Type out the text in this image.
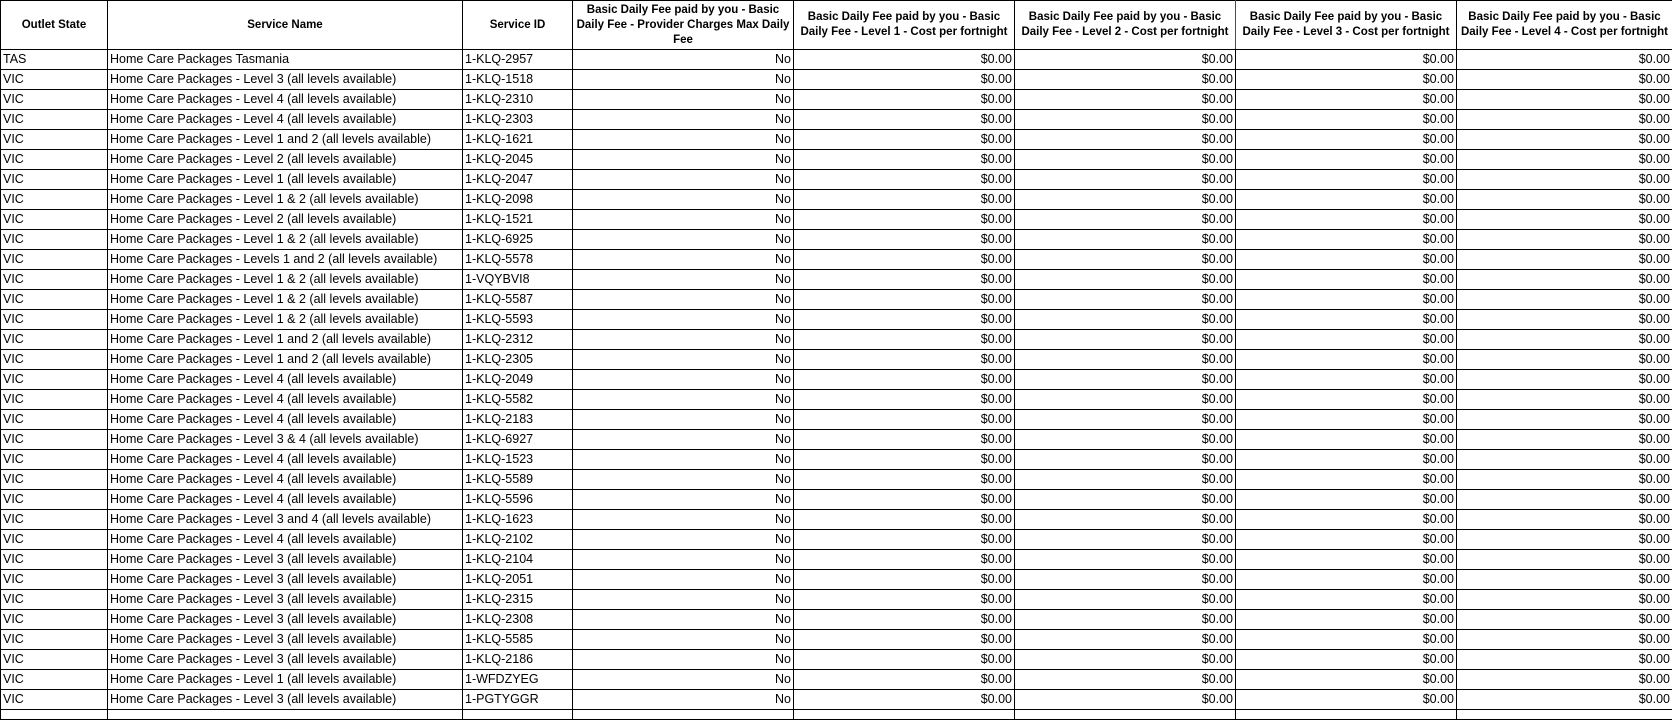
Outlet State	Service Name	Service ID	Basic Daily Fee paid by you - Basic Daily Fee - Provider Charges Max Daily Fee	Basic Daily Fee paid by you - Basic Daily Fee - Level 1 - Cost per fortnight	Basic Daily Fee paid by you - Basic Daily Fee - Level 2 - Cost per fortnight	Basic Daily Fee paid by you - Basic Daily Fee - Level 3 - Cost per fortnight	Basic Daily Fee paid by you - Basic Daily Fee - Level 4 - Cost per fortnight
TAS	Home Care Packages Tasmania	1-KLQ-2957	No	$0.00	$0.00	$0.00	$0.00
VIC	Home Care Packages - Level 3 (all levels available)	1-KLQ-1518	No	$0.00	$0.00	$0.00	$0.00
VIC	Home Care Packages - Level 4 (all levels available)	1-KLQ-2310	No	$0.00	$0.00	$0.00	$0.00
VIC	Home Care Packages - Level 4 (all levels available)	1-KLQ-2303	No	$0.00	$0.00	$0.00	$0.00
VIC	Home Care Packages - Level 1 and 2 (all levels available)	1-KLQ-1621	No	$0.00	$0.00	$0.00	$0.00
VIC	Home Care Packages - Level 2 (all levels available)	1-KLQ-2045	No	$0.00	$0.00	$0.00	$0.00
VIC	Home Care Packages - Level 1 (all levels available)	1-KLQ-2047	No	$0.00	$0.00	$0.00	$0.00
VIC	Home Care Packages - Level 1 & 2 (all levels available)	1-KLQ-2098	No	$0.00	$0.00	$0.00	$0.00
VIC	Home Care Packages - Level 2 (all levels available)	1-KLQ-1521	No	$0.00	$0.00	$0.00	$0.00
VIC	Home Care Packages - Level 1 & 2 (all levels available)	1-KLQ-6925	No	$0.00	$0.00	$0.00	$0.00
VIC	Home Care Packages - Levels 1 and 2 (all levels available)	1-KLQ-5578	No	$0.00	$0.00	$0.00	$0.00
VIC	Home Care Packages - Level 1 & 2 (all levels available)	1-VQYBVI8	No	$0.00	$0.00	$0.00	$0.00
VIC	Home Care Packages - Level 1 & 2 (all levels available)	1-KLQ-5587	No	$0.00	$0.00	$0.00	$0.00
VIC	Home Care Packages - Level 1 & 2 (all levels available)	1-KLQ-5593	No	$0.00	$0.00	$0.00	$0.00
VIC	Home Care Packages - Level 1 and 2 (all levels available)	1-KLQ-2312	No	$0.00	$0.00	$0.00	$0.00
VIC	Home Care Packages - Level 1 and 2 (all levels available)	1-KLQ-2305	No	$0.00	$0.00	$0.00	$0.00
VIC	Home Care Packages - Level 4 (all levels available)	1-KLQ-2049	No	$0.00	$0.00	$0.00	$0.00
VIC	Home Care Packages - Level 4 (all levels available)	1-KLQ-5582	No	$0.00	$0.00	$0.00	$0.00
VIC	Home Care Packages - Level 4 (all levels available)	1-KLQ-2183	No	$0.00	$0.00	$0.00	$0.00
VIC	Home Care Packages - Level 3 & 4 (all levels available)	1-KLQ-6927	No	$0.00	$0.00	$0.00	$0.00
VIC	Home Care Packages - Level 4 (all levels available)	1-KLQ-1523	No	$0.00	$0.00	$0.00	$0.00
VIC	Home Care Packages - Level 4 (all levels available)	1-KLQ-5589	No	$0.00	$0.00	$0.00	$0.00
VIC	Home Care Packages - Level 4 (all levels available)	1-KLQ-5596	No	$0.00	$0.00	$0.00	$0.00
VIC	Home Care Packages - Level 3 and 4 (all levels available)	1-KLQ-1623	No	$0.00	$0.00	$0.00	$0.00
VIC	Home Care Packages - Level 4 (all levels available)	1-KLQ-2102	No	$0.00	$0.00	$0.00	$0.00
VIC	Home Care Packages - Level 3 (all levels available)	1-KLQ-2104	No	$0.00	$0.00	$0.00	$0.00
VIC	Home Care Packages - Level 3 (all levels available)	1-KLQ-2051	No	$0.00	$0.00	$0.00	$0.00
VIC	Home Care Packages - Level 3 (all levels available)	1-KLQ-2315	No	$0.00	$0.00	$0.00	$0.00
VIC	Home Care Packages - Level 3 (all levels available)	1-KLQ-2308	No	$0.00	$0.00	$0.00	$0.00
VIC	Home Care Packages - Level 3 (all levels available)	1-KLQ-5585	No	$0.00	$0.00	$0.00	$0.00
VIC	Home Care Packages - Level 3 (all levels available)	1-KLQ-2186	No	$0.00	$0.00	$0.00	$0.00
VIC	Home Care Packages - Level 1 (all levels available)	1-WFDZYEG	No	$0.00	$0.00	$0.00	$0.00
VIC	Home Care Packages - Level 3 (all levels available)	1-PGTYGGR	No	$0.00	$0.00	$0.00	$0.00
